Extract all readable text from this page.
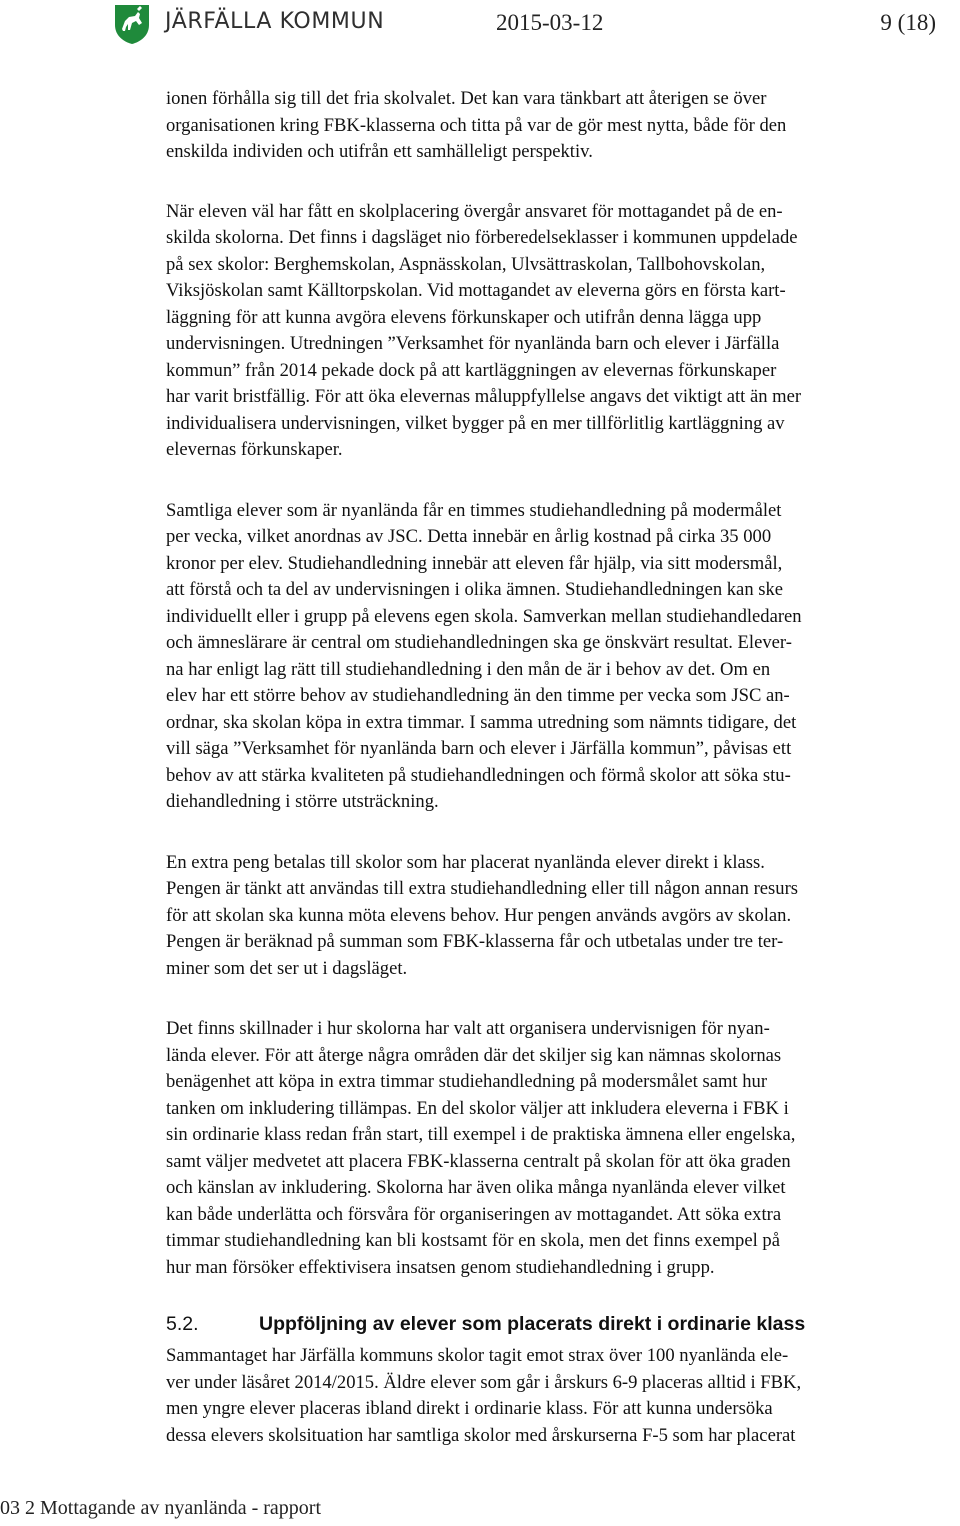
JÄRFÄLLA KOMMUN	2015-03-12	9 (18)
ionen förhålla sig till det fria skolvalet. Det kan vara tänkbart att återigen se över
organisationen kring FBK-klasserna och titta på var de gör mest nytta, både för den
enskilda individen och utifrån ett samhälleligt perspektiv.
När eleven väl har fått en skolplacering övergår ansvaret för mottagandet på de en-
skilda skolorna. Det finns i dagsläget nio förberedelseklasser i kommunen uppdelade
på sex skolor: Berghemskolan, Aspnässkolan, Ulvsättraskolan, Tallbohovskolan,
Viksjöskolan samt Källtorpskolan. Vid mottagandet av eleverna görs en första kart-
läggning för att kunna avgöra elevens förkunskaper och utifrån denna lägga upp
undervisningen. Utredningen ”Verksamhet för nyanlända barn och elever i Järfälla
kommun” från 2014 pekade dock på att kartläggningen av elevernas förkunskaper
har varit bristfällig. För att öka elevernas måluppfyllelse angavs det viktigt att än mer
individualisera undervisningen, vilket bygger på en mer tillförlitlig kartläggning av
elevernas förkunskaper.
Samtliga elever som är nyanlända får en timmes studiehandledning på modermålet
per vecka, vilket anordnas av JSC. Detta innebär en årlig kostnad på cirka 35 000
kronor per elev. Studiehandledning innebär att eleven får hjälp, via sitt modersmål,
att förstå och ta del av undervisningen i olika ämnen. Studiehandledningen kan ske
individuellt eller i grupp på elevens egen skola. Samverkan mellan studiehandledaren
och ämneslärare är central om studiehandledningen ska ge önskvärt resultat. Elever-
na har enligt lag rätt till studiehandledning i den mån de är i behov av det. Om en
elev har ett större behov av studiehandledning än den timme per vecka som JSC an-
ordnar, ska skolan köpa in extra timmar. I samma utredning som nämnts tidigare, det
vill säga ”Verksamhet för nyanlända barn och elever i Järfälla kommun”, påvisas ett
behov av att stärka kvaliteten på studiehandledningen och förmå skolor att söka stu-
diehandledning i större utsträckning.
En extra peng betalas till skolor som har placerat nyanlända elever direkt i klass.
Pengen är tänkt att användas till extra studiehandledning eller till någon annan resurs
för att skolan ska kunna möta elevens behov. Hur pengen används avgörs av skolan.
Pengen är beräknad på summan som FBK-klasserna får och utbetalas under tre ter-
miner som det ser ut i dagsläget.
Det finns skillnader i hur skolorna har valt att organisera undervisnigen för nyan-
lända elever. För att återge några områden där det skiljer sig kan nämnas skolornas
benägenhet att köpa in extra timmar studiehandledning på modersmålet samt hur
tanken om inkludering tillämpas. En del skolor väljer att inkludera eleverna i FBK i
sin ordinarie klass redan från start, till exempel i de praktiska ämnena eller engelska,
samt väljer medvetet att placera FBK-klasserna centralt på skolan för att öka graden
och känslan av inkludering. Skolorna har även olika många nyanlända elever vilket
kan både underlätta och försvåra för organiseringen av mottagandet. Att söka extra
timmar studiehandledning kan bli kostsamt för en skola, men det finns exempel på
hur man försöker effektivisera insatsen genom studiehandledning i grupp.
5.2.	Uppföljning av elever som placerats direkt i ordinarie klass
Sammantaget har Järfälla kommuns skolor tagit emot strax över 100 nyanlända ele-
ver under läsåret 2014/2015. Äldre elever som går i årskurs 6-9 placeras alltid i FBK,
men yngre elever placeras ibland direkt i ordinarie klass. För att kunna undersöka
dessa elevers skolsituation har samtliga skolor med årskurserna F-5 som har placerat
03 2 Mottagande av nyanlända - rapport
